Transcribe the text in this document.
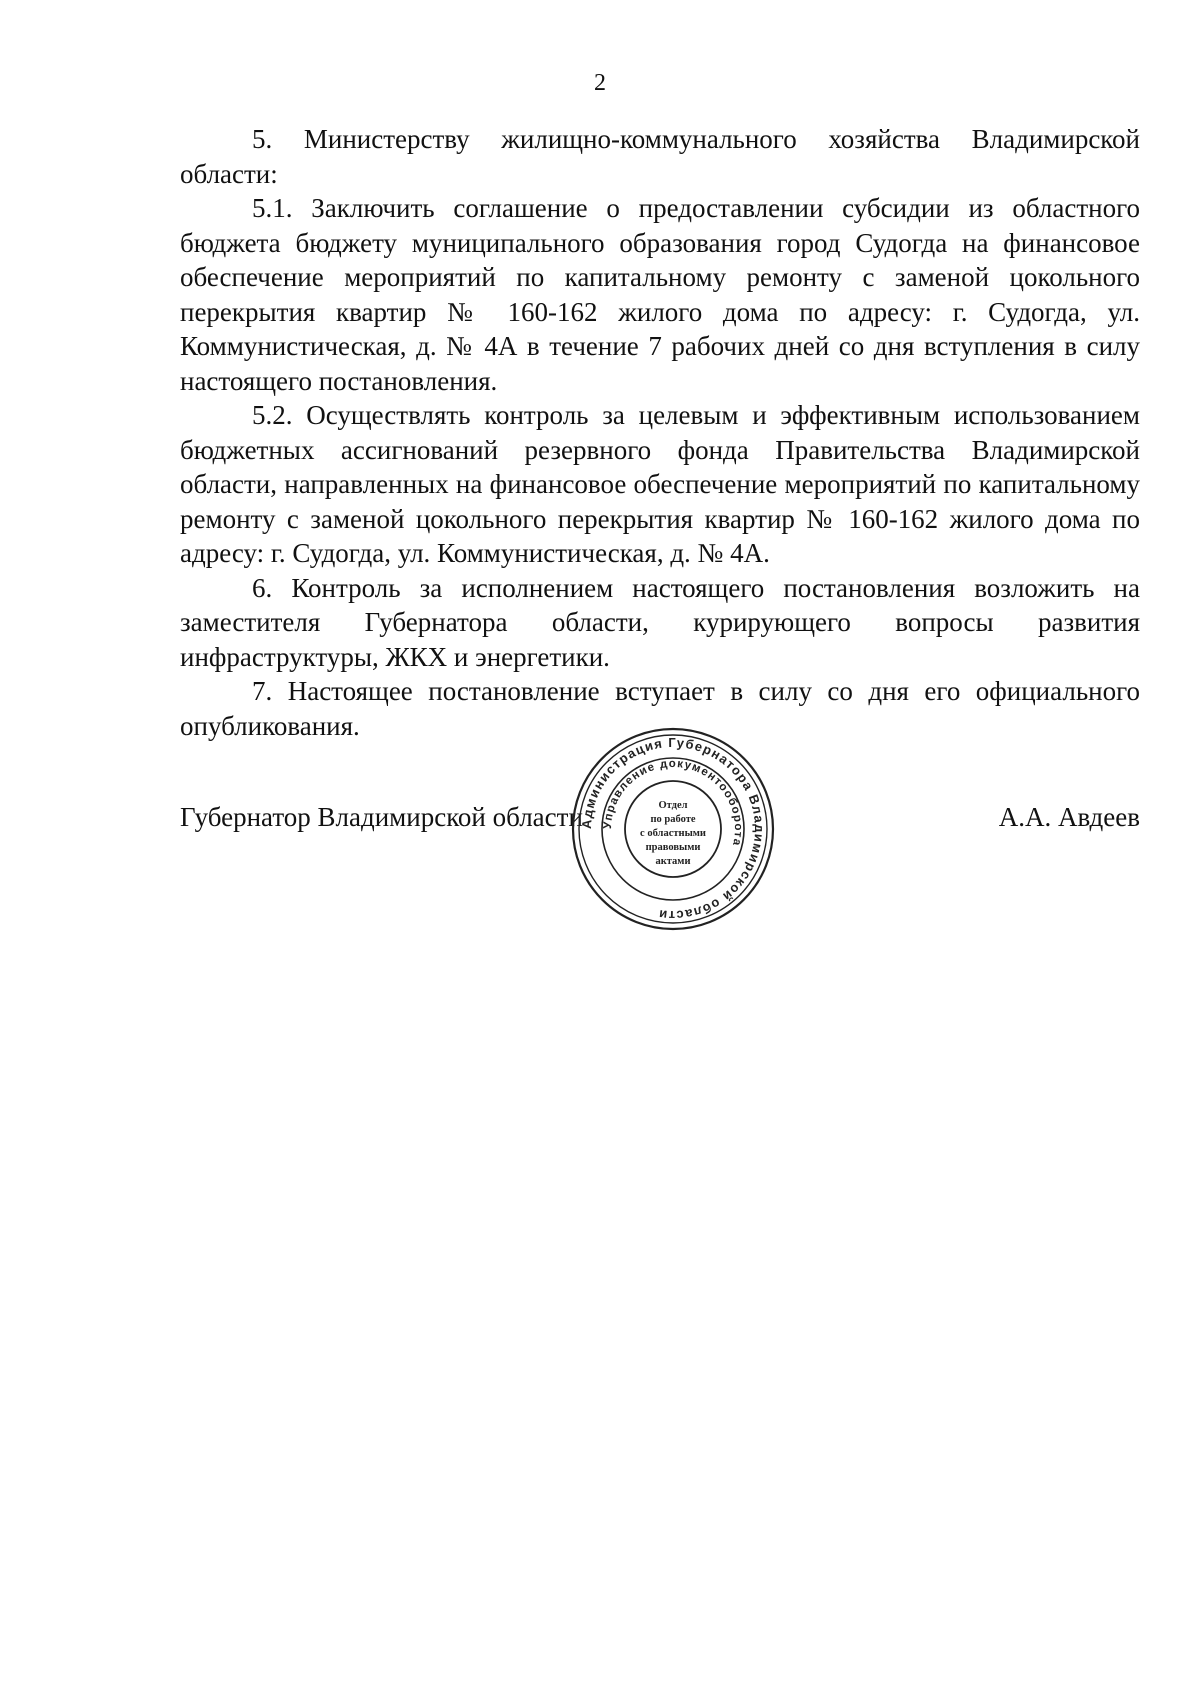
2

5. Министерству жилищно-коммунального хозяйства Владимирской области:

5.1. Заключить соглашение о предоставлении субсидии из областного бюджета бюджету муниципального образования город Судогда на финансовое обеспечение мероприятий по капитальному ремонту с заменой цокольного перекрытия квартир № 160-162 жилого дома по адресу: г. Судогда, ул. Коммунистическая, д. № 4А в течение 7 рабочих дней со дня вступления в силу настоящего постановления.

5.2. Осуществлять контроль за целевым и эффективным использованием бюджетных ассигнований резервного фонда Правительства Владимирской области, направленных на финансовое обеспечение мероприятий по капитальному ремонту с заменой цокольного перекрытия квартир № 160-162 жилого дома по адресу: г. Судогда, ул. Коммунистическая, д. № 4А.

6. Контроль за исполнением настоящего постановления возложить на заместителя Губернатора области, курирующего вопросы развития инфраструктуры, ЖКХ и энергетики.

7. Настоящее постановление вступает в силу со дня его официального опубликования.

Губернатор Владимирской области	А.А. Авдеев
Администрация Губернатора Владимирской области
Управление документооборота
Отдел
по работе
с областными
правовыми
актами
